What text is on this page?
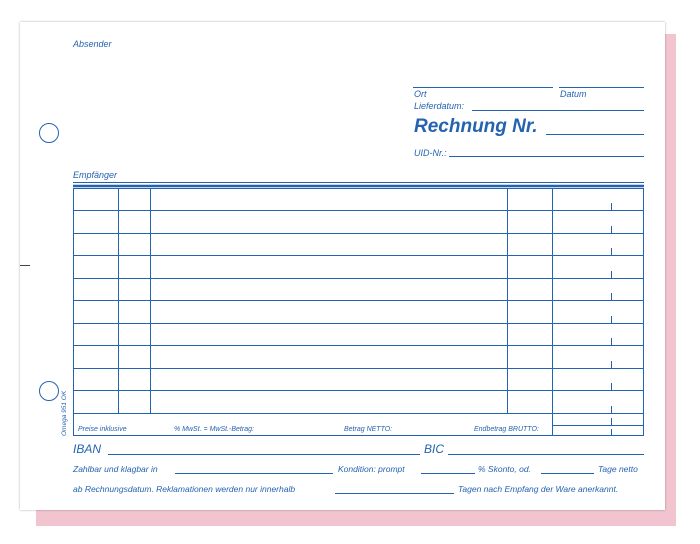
Absender
Ort	Datum
Lieferdatum:
Rechnung Nr.
UID-Nr.:
Empfänger
Omega 951 OK Preise inklusive	% MwSt. = MwSt.-Betrag:	Betrag NETTO:	Endbetrag BRUTTO:
IBAN	BIC
Zahlbar und klagbar in	Kondition: prompt	% Skonto, od.	Tage netto
ab Rechnungsdatum. Reklamationen werden nur innerhalb	Tagen nach Empfang der Ware anerkannt.
